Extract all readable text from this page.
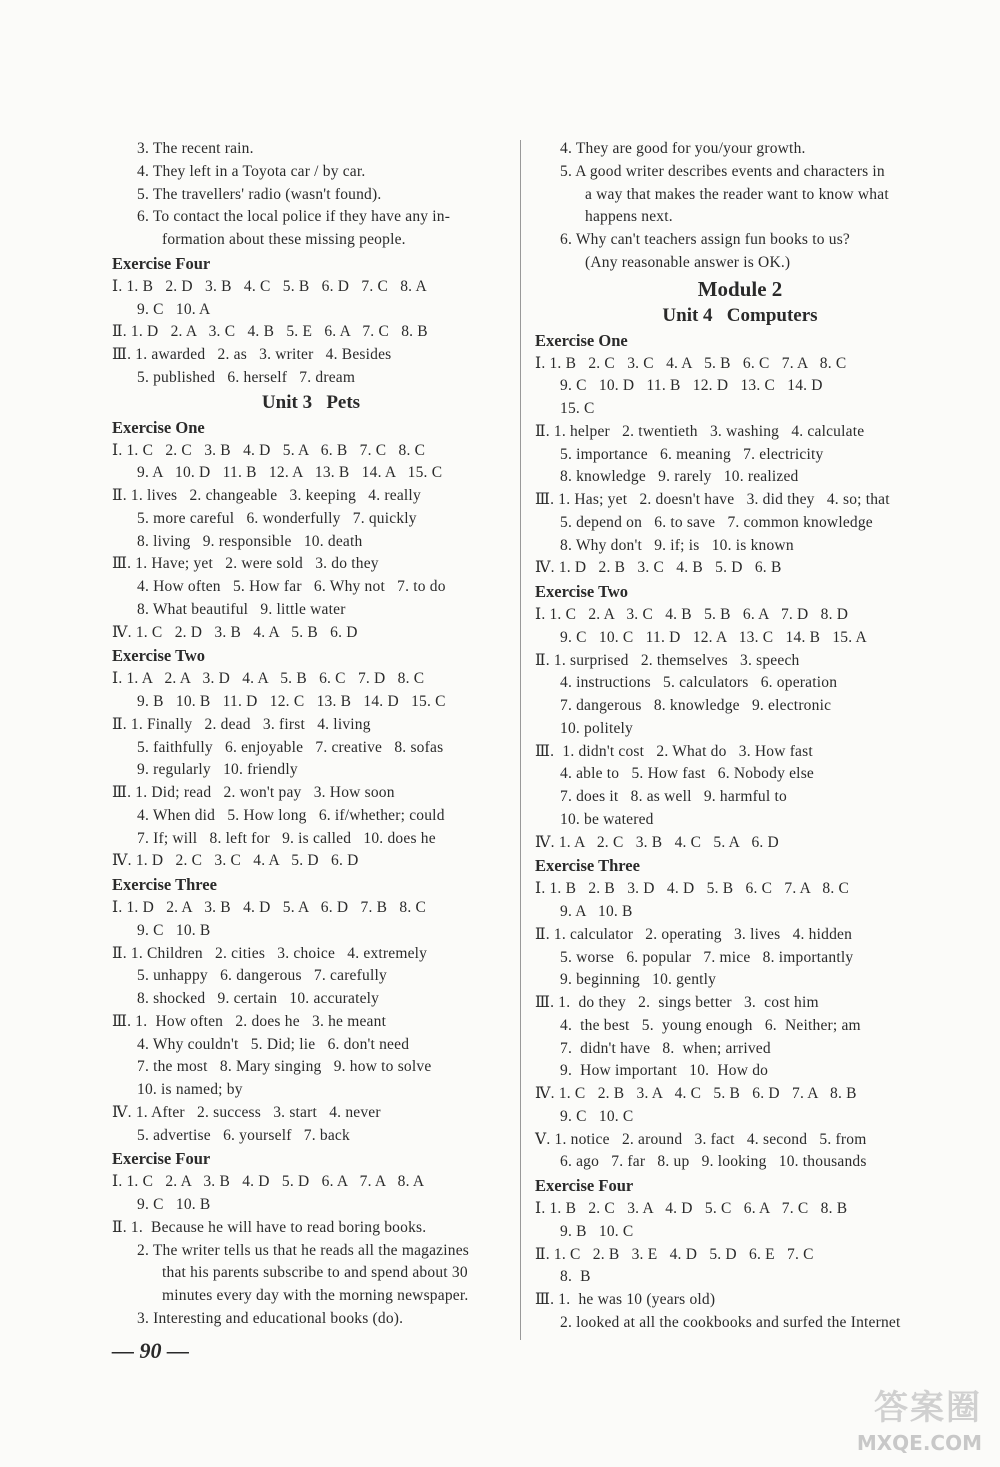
3. The recent rain.
4. They left in a Toyota car / by car.
5. The travellers' radio (wasn't found).
6. To contact the local police if they have any in-
formation about these missing people.
Exercise Four
Ⅰ. 1. B   2. D   3. B   4. C   5. B   6. D   7. C   8. A
9. C   10. A
Ⅱ. 1. D   2. A   3. C   4. B   5. E   6. A   7. C   8. B
Ⅲ. 1. awarded   2. as   3. writer   4. Besides
5. published   6. herself   7. dream
Unit 3   Pets
Exercise One
Ⅰ. 1. C   2. C   3. B   4. D   5. A   6. B   7. C   8. C
9. A   10. D   11. B   12. A   13. B   14. A   15. C
Ⅱ. 1. lives   2. changeable   3. keeping   4. really
5. more careful   6. wonderfully   7. quickly
8. living   9. responsible   10. death
Ⅲ. 1. Have; yet   2. were sold   3. do they
4. How often   5. How far   6. Why not   7. to do
8. What beautiful   9. little water
Ⅳ. 1. C   2. D   3. B   4. A   5. B   6. D
Exercise Two
Ⅰ. 1. A   2. A   3. D   4. A   5. B   6. C   7. D   8. C
9. B   10. B   11. D   12. C   13. B   14. D   15. C
Ⅱ. 1. Finally   2. dead   3. first   4. living
5. faithfully   6. enjoyable   7. creative   8. sofas
9. regularly   10. friendly
Ⅲ. 1. Did; read   2. won't pay   3. How soon
4. When did   5. How long   6. if/whether; could
7. If; will   8. left for   9. is called   10. does he
Ⅳ. 1. D   2. C   3. C   4. A   5. D   6. D
Exercise Three
Ⅰ. 1. D   2. A   3. B   4. D   5. A   6. D   7. B   8. C
9. C   10. B
Ⅱ. 1. Children   2. cities   3. choice   4. extremely
5. unhappy   6. dangerous   7. carefully
8. shocked   9. certain   10. accurately
Ⅲ. 1.  How often   2. does he   3. he meant
4. Why couldn't   5. Did; lie   6. don't need
7. the most   8. Mary singing   9. how to solve
10. is named; by
Ⅳ. 1. After   2. success   3. start   4. never
5. advertise   6. yourself   7. back
Exercise Four
Ⅰ. 1. C   2. A   3. B   4. D   5. D   6. A   7. A   8. A
9. C   10. B
Ⅱ. 1.  Because he will have to read boring books.
2. The writer tells us that he reads all the magazines
that his parents subscribe to and spend about 30
minutes every day with the morning newspaper.
3. Interesting and educational books (do).
4. They are good for you/your growth.
5. A good writer describes events and characters in
a way that makes the reader want to know what
happens next.
6. Why can't teachers assign fun books to us?
(Any reasonable answer is OK.)
Module 2
Unit 4   Computers
Exercise One
Ⅰ. 1. B   2. C   3. C   4. A   5. B   6. C   7. A   8. C
9. C   10. D   11. B   12. D   13. C   14. D
15. C
Ⅱ. 1. helper   2. twentieth   3. washing   4. calculate
5. importance   6. meaning   7. electricity
8. knowledge   9. rarely   10. realized
Ⅲ. 1. Has; yet   2. doesn't have   3. did they   4. so; that
5. depend on   6. to save   7. common knowledge
8. Why don't   9. if; is   10. is known
Ⅳ. 1. D   2. B   3. C   4. B   5. D   6. B
Exercise Two
Ⅰ. 1. C   2. A   3. C   4. B   5. B   6. A   7. D   8. D
9. C   10. C   11. D   12. A   13. C   14. B   15. A
Ⅱ. 1. surprised   2. themselves   3. speech
4. instructions   5. calculators   6. operation
7. dangerous   8. knowledge   9. electronic
10. politely
Ⅲ.  1. didn't cost   2. What do   3. How fast
4. able to   5. How fast   6. Nobody else
7. does it   8. as well   9. harmful to
10. be watered
Ⅳ. 1. A   2. C   3. B   4. C   5. A   6. D
Exercise Three
Ⅰ. 1. B   2. B   3. D   4. D   5. B   6. C   7. A   8. C
9. A   10. B
Ⅱ. 1. calculator   2. operating   3. lives   4. hidden
5. worse   6. popular   7. mice   8. importantly
9. beginning   10. gently
Ⅲ. 1.  do they   2.  sings better   3.  cost him
4.  the best   5.  young enough   6.  Neither; am
7.  didn't have   8.  when; arrived
9.  How important   10.  How do
Ⅳ. 1. C   2. B   3. A   4. C   5. B   6. D   7. A   8. B
9. C   10. C
Ⅴ. 1. notice   2. around   3. fact   4. second   5. from
6. ago   7. far   8. up   9. looking   10. thousands
Exercise Four
Ⅰ. 1. B   2. C   3. A   4. D   5. C   6. A   7. C   8. B
9. B   10. C
Ⅱ. 1. C   2. B   3. E   4. D   5. D   6. E   7. C
8.  B
Ⅲ. 1.  he was 10 (years old)
2. looked at all the cookbooks and surfed the Internet
— 90 —
答案圈
MXQE.COM
